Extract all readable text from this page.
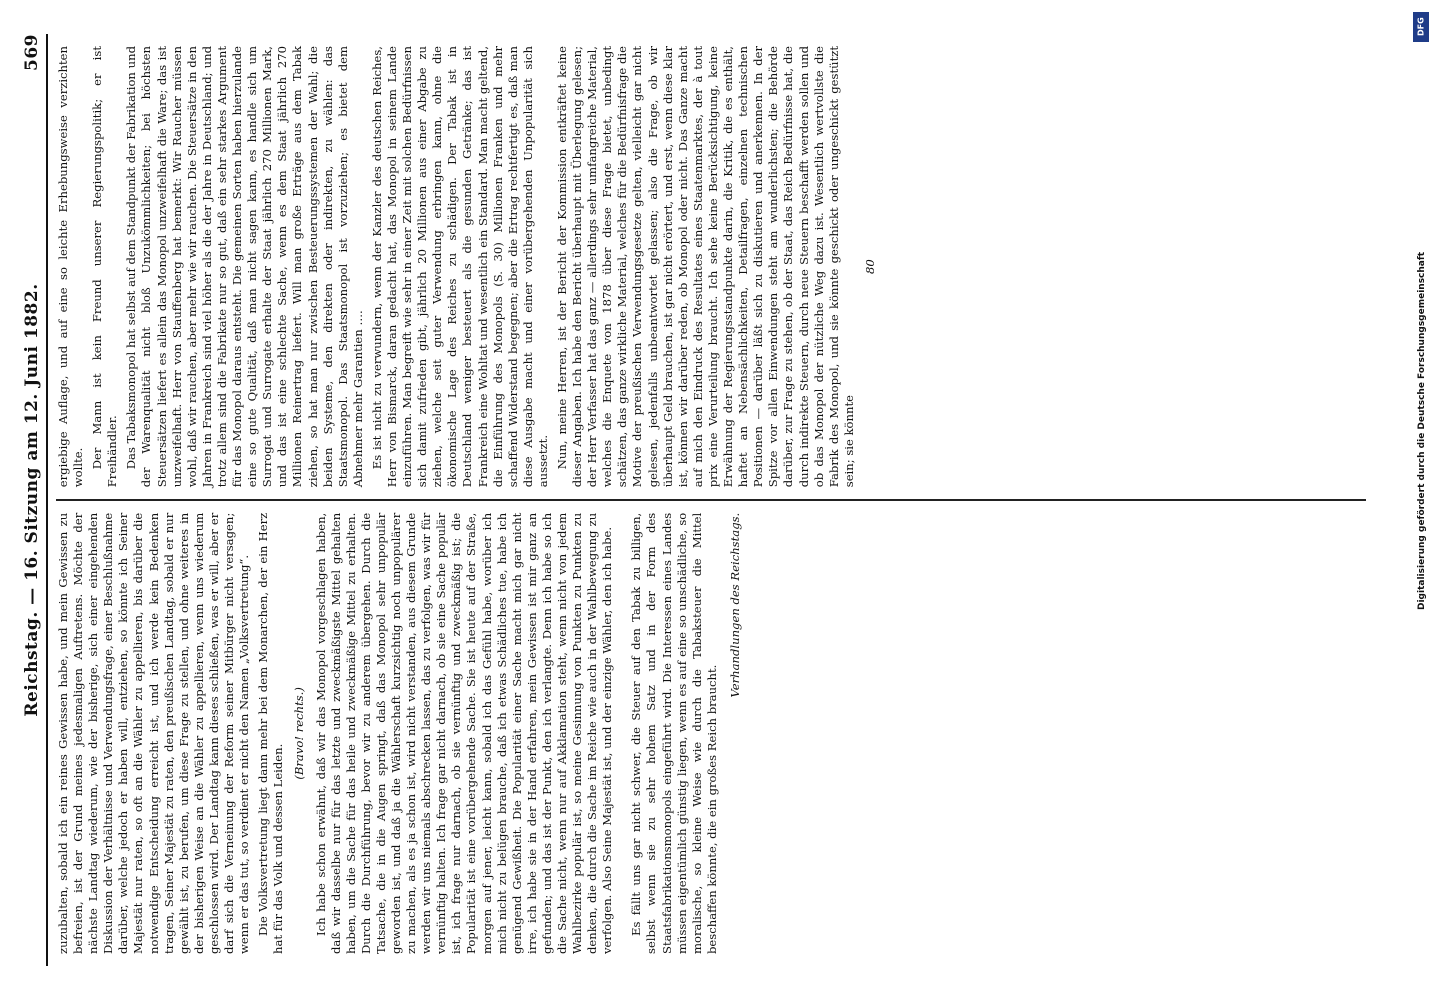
Reichstag. — 16. Sitzung am 12. Juni 1882.
569

zuzubalten, sobald ich ein reines Gewissen habe, und mein Gewissen zu befreien, ist der Grund meines jedesmaligen Auftretens. Möchte der nächste Landtag wiederum, wie der bisherige, sich einer eingehenden Diskussion der Verhältnisse und Verwendungsfrage, einer Beschlußnahme darüber, welche jedoch er haben will, entziehen, so könnte ich Seiner Majestät nur raten, so oft an die Wähler zu appellieren, bis darüber die notwendige Entscheidung erreicht ist, und ich werde kein Bedenken tragen, Seiner Majestät zu raten, den preußischen Landtag, sobald er nur gewählt ist, zu berufen, um diese Frage zu stellen, und ohne weiteres in der bisherigen Weise an die Wähler zu appellieren, wenn uns wiederum geschlossen wird. Der Landtag kann dieses schließen, was er will, aber er darf sich die Verneinung der Reform seiner Mitbürger nicht versagen; wenn er das tut, so verdient er nicht den Namen „Volksvertretung“. Die Volksvertretung liegt dann mehr bei dem Monarchen, der ein Herz hat für das Volk und dessen Leiden.

(Bravo! rechts.) Ich habe schon erwähnt, daß wir das Monopol vorgeschlagen haben, daß wir dasselbe nur für das letzte und zweckmäßigste Mittel gehalten haben, um die Sache für das heile und zweckmäßige Mittel zu erhalten. Durch die Durchführung, bevor wir zu anderem übergehen. Durch die Tatsache, die in die Augen springt, daß das Monopol sehr unpopulär geworden ist, und daß ja die Wählerschaft kurzsichtig noch unpopulärer zu machen, als es ja schon ist, wird nicht verstanden, aus diesem Grunde werden wir uns niemals abschrecken lassen, das zu verfolgen, was wir für vernünftig halten. Ich frage gar nicht darnach, ob sie eine Sache populär ist, ich frage nur darnach, ob sie vernünftig und zweckmäßig ist; die Popularität ist eine vorübergehende Sache. Sie ist heute auf der Straße, morgen auf jener, leicht kann, sobald ich das Gefühl habe, worüber ich mich nicht zu belügen brauche, daß ich etwas Schädliches tue, habe ich genügend Gewißheit. Die Popularität einer Sache macht mich gar nicht irre, ich habe sie in der Hand erfahren, mein Gewissen ist mir ganz an gefunden; und das ist der Punkt, den ich verlangte. Denn ich habe so ich die Sache nicht, wenn nur auf Akklamation steht, wenn nicht von jedem Wahlbezirke populär ist, so meine Gesinnung von Punkten zu Punkten zu denken, die durch die Sache im Reiche wie auch in der Wahlbewegung zu verfolgen. Also Seine Majestät ist, und der einzige Wähler, den ich habe. Es fällt uns gar nicht schwer, die Steuer auf den Tabak zu billigen, selbst wenn sie zu sehr hohem Satz und in der Form des Staatsfabrikationsmonopols eingeführt wird. Die Interessen eines Landes müssen eigentümlich günstig liegen, wenn es auf eine so unschädliche, so moralische, so kleine Weise wie durch die Tabaksteuer die Mittel beschaffen könnte, die ein großes Reich braucht.

Verhandlungen des Reichstags.

ergiebige Auflage, und auf eine so leichte Erhebungsweise verzichten wollte. Der Mann ist kein Freund unserer Regierungspolitik; er ist Freihändler. Das Tabaksmonopol hat selbst auf dem Standpunkt der Fabrikation und der Warenqualität nicht bloß Unzukömmlichkeiten; bei höchsten Steuersätzen liefert es allein das Monopol unzweifelhaft die Ware; das ist unzweifelhaft. Herr von Stauffenberg hat bemerkt: Wir Raucher müssen wohl, daß wir rauchen, aber mehr wie wir rauchen. Die Steuersätze in den Jahren in Frankreich sind viel höher als die der Jahre in Deutschland; und trotz allem sind die Fabrikate nur so gut, daß ein sehr starkes Argument für das Monopol daraus entsteht. Die gemeinen Sorten haben hierzulande eine so gute Qualität, daß man nicht sagen kann, es handle sich um Surrogat und Surrogate erhalte der Staat jährlich 270 Millionen Mark, und das ist eine schlechte Sache, wenn es dem Staat jährlich 270 Millionen Reinertrag liefert. Will man große Erträge aus dem Tabak ziehen, so hat man nur zwischen Besteuerungssystemen der Wahl; die beiden Systeme, den direkten oder indirekten, zu wählen: das Staatsmonopol. Das Staatsmonopol ist vorzuziehen; es bietet dem Abnehmer mehr Garantien …. Es ist nicht zu verwundern, wenn der Kanzler des deutschen Reiches, Herr von Bismarck, daran gedacht hat, das Monopol in seinem Lande einzuführen. Man begreift wie sehr in einer Zeit mit solchen Bedürfnissen sich damit zufrieden gibt, jährlich 20 Millionen aus einer Abgabe zu ziehen, welche seit guter Verwendung erbringen kann, ohne die ökonomische Lage des Reiches zu schädigen. Der Tabak ist in Deutschland weniger besteuert als die gesunden Getränke; das ist Frankreich eine Wohltat und wesentlich ein Standard. Man macht geltend, die Einführung des Monopols (S. 30) Millionen Franken und mehr schaffend Widerstand begegnen; aber die Ertrag rechtfertigt es, daß man diese Ausgabe macht und einer vorübergehenden Unpopularität sich aussetzt. Nun, meine Herren, ist der Bericht der Kommission entkräftet keine dieser Angaben. Ich habe den Bericht überhaupt mit Überlegung gelesen; der Herr Verfasser hat das ganz — allerdings sehr umfangreiche Material, welches die Enquete von 1878 über diese Frage bietet, unbedingt schätzen, das ganze wirkliche Material, welches für die Bedürfnisfrage die Motive der preußischen Verwendungsgesetze gelten, vielleicht gar nicht gelesen, jedenfalls unbeantwortet gelassen; also die Frage, ob wir überhaupt Geld brauchen, ist gar nicht erörtert, und erst, wenn diese klar ist, können wir darüber reden, ob Monopol oder nicht. Das Ganze macht auf mich den Eindruck des Resultates eines Staatenmarktes, der à tout prix eine Verurteilung braucht. Ich sehe keine Berücksichtigung, keine Erwähnung der Regierungsstandpunkte darin, die Kritik, die es enthält, haftet an Nebensächlichkeiten, Detailfragen, einzelnen technischen Positionen — darüber läßt sich zu diskutieren und anerkennen. In der Spitze vor allen Einwendungen steht am wunderlichsten; die Behörde darüber, zur Frage zu stehen, ob der Staat, das Reich Bedürfnisse hat, die durch indirekte Steuern, durch neue Steuern beschafft werden sollen und ob das Monopol der nützliche Weg dazu ist. Wesentlich wertvollste die Fabrik des Monopol, und sie könnte geschickt oder ungeschickt gestützt sein; sie könnte

80

DFG
Digitalisierung gefördert durch die Deutsche Forschungsgemeinschaft
